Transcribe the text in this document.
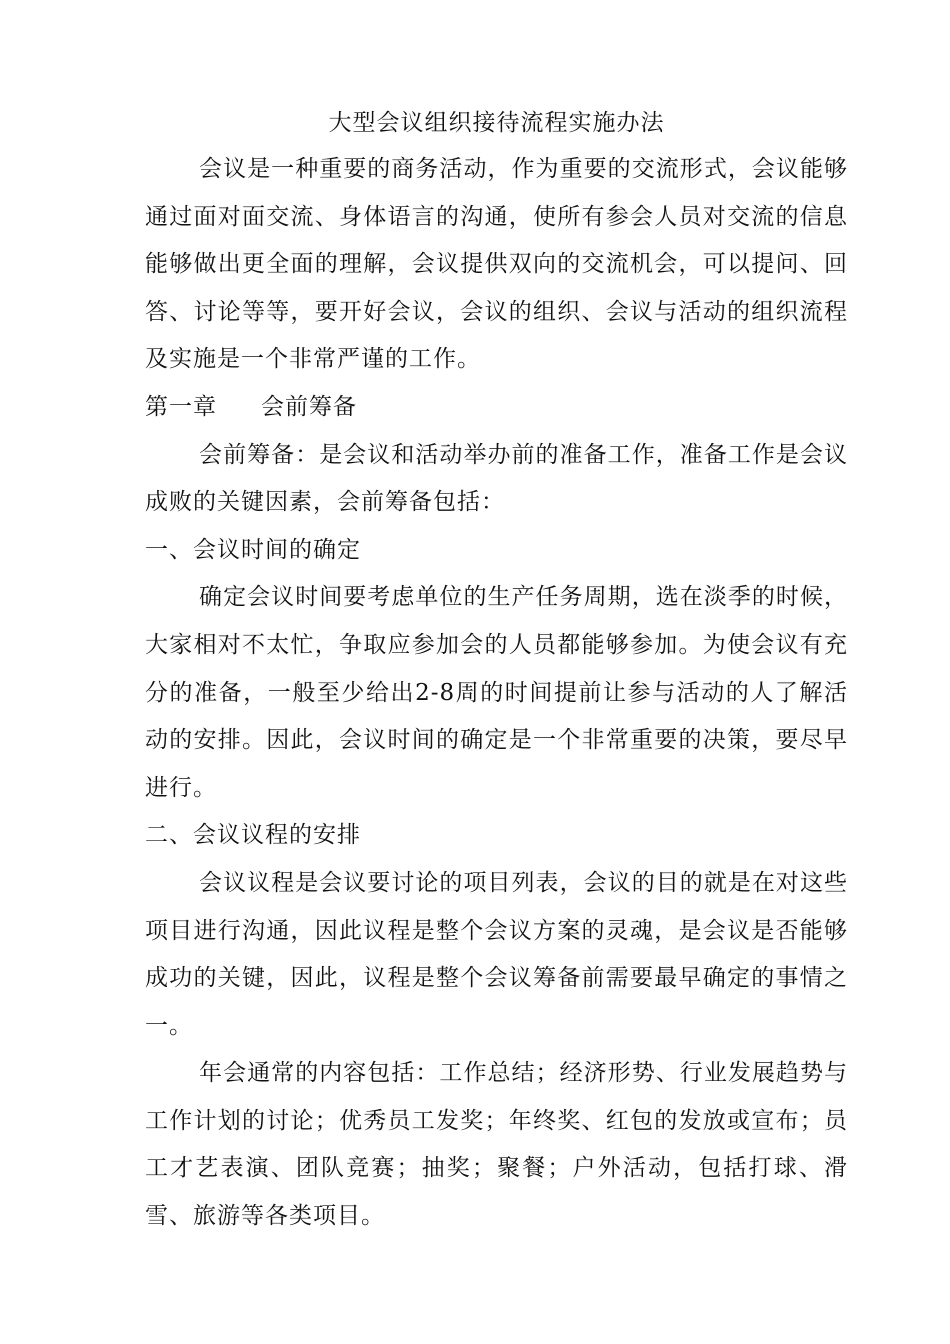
大型会议组织接待流程实施办法

会议是一种重要的商务活动，作为重要的交流形式，会议能够通过面对面交流、身体语言的沟通，使所有参会人员对交流的信息能够做出更全面的理解，会议提供双向的交流机会，可以提问、回答、讨论等等，要开好会议，会议的组织、会议与活动的组织流程及实施是一个非常严谨的工作。

第一章 会前筹备

会前筹备：是会议和活动举办前的准备工作，准备工作是会议成败的关键因素，会前筹备包括：

一、会议时间的确定

确定会议时间要考虑单位的生产任务周期，选在淡季的时候，大家相对不太忙，争取应参加会的人员都能够参加。为使会议有充分的准备，一般至少给出2-8周的时间提前让参与活动的人了解活动的安排。因此，会议时间的确定是一个非常重要的决策，要尽早进行。

二、会议议程的安排

会议议程是会议要讨论的项目列表，会议的目的就是在对这些项目进行沟通，因此议程是整个会议方案的灵魂，是会议是否能够成功的关键，因此，议程是整个会议筹备前需要最早确定的事情之一。

年会通常的内容包括：工作总结；经济形势、行业发展趋势与工作计划的讨论；优秀员工发奖；年终奖、红包的发放或宣布；员工才艺表演、团队竞赛；抽奖；聚餐；户外活动，包括打球、滑雪、旅游等各类项目。
